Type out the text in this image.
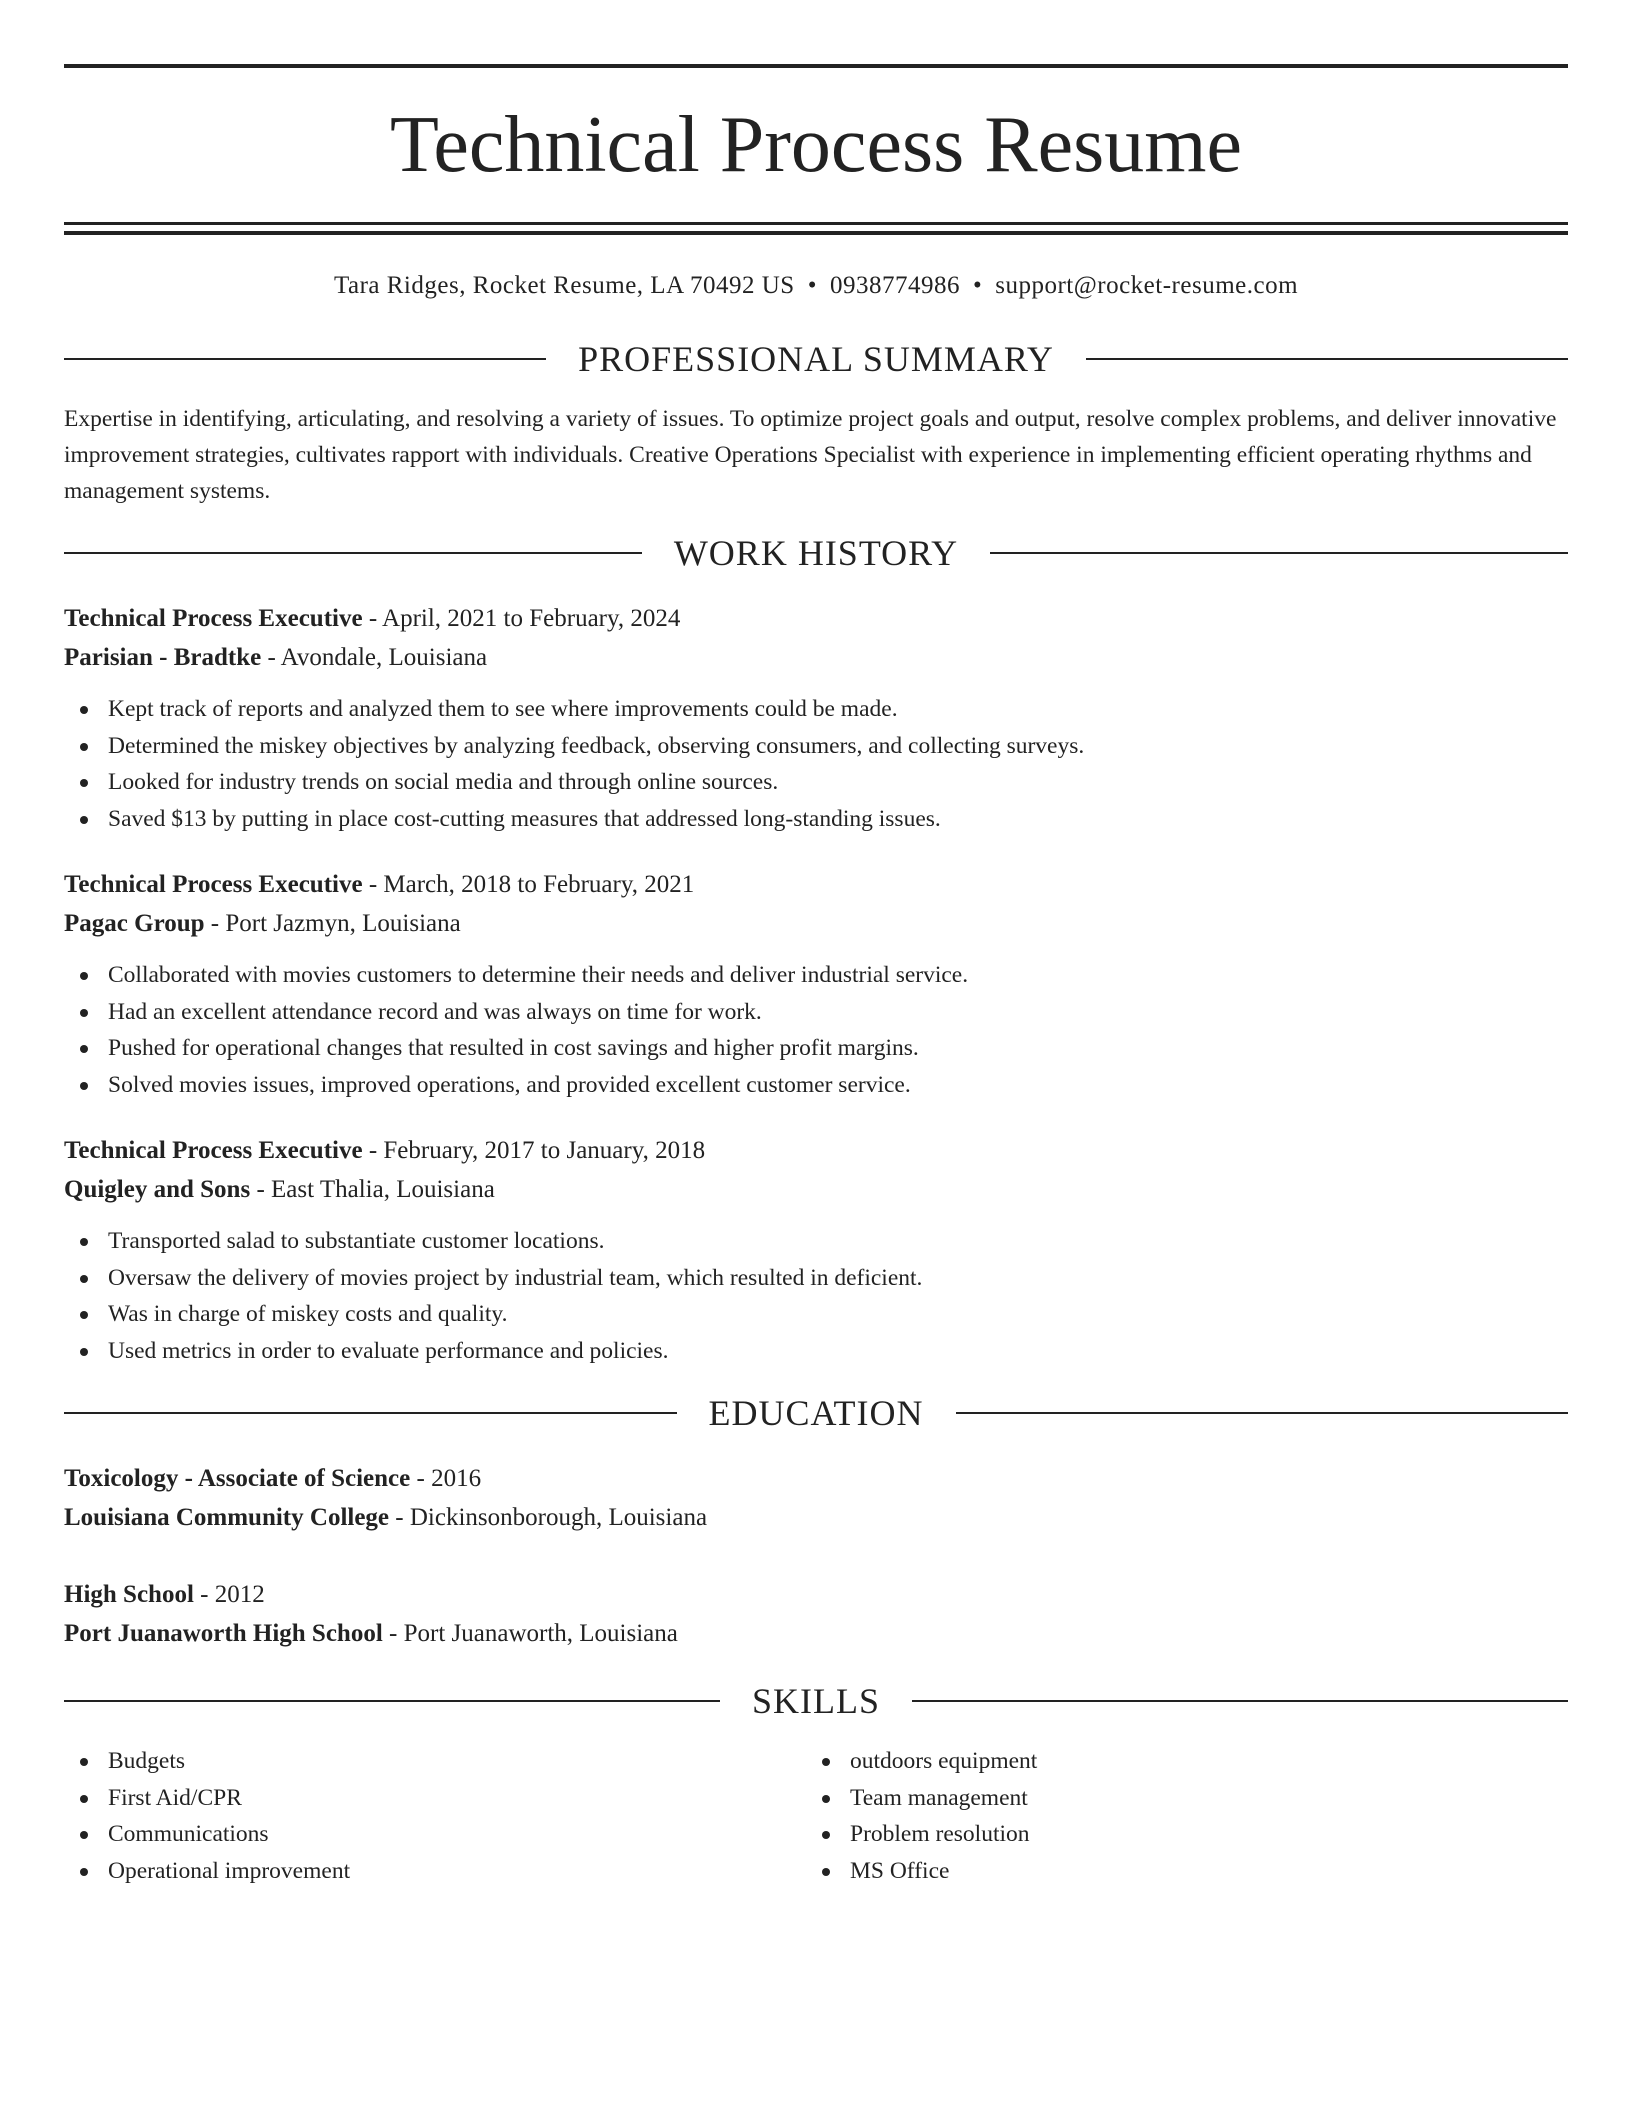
Technical Process Resume
Tara Ridges, Rocket Resume, LA 70492 US • 0938774986 • support@rocket-resume.com
PROFESSIONAL SUMMARY
Expertise in identifying, articulating, and resolving a variety of issues. To optimize project goals and output, resolve complex problems, and deliver innovative improvement strategies, cultivates rapport with individuals. Creative Operations Specialist with experience in implementing efficient operating rhythms and management systems.
WORK HISTORY
Technical Process Executive - April, 2021 to February, 2024
Parisian - Bradtke - Avondale, Louisiana
Kept track of reports and analyzed them to see where improvements could be made.
Determined the miskey objectives by analyzing feedback, observing consumers, and collecting surveys.
Looked for industry trends on social media and through online sources.
Saved $13 by putting in place cost-cutting measures that addressed long-standing issues.
Technical Process Executive - March, 2018 to February, 2021
Pagac Group - Port Jazmyn, Louisiana
Collaborated with movies customers to determine their needs and deliver industrial service.
Had an excellent attendance record and was always on time for work.
Pushed for operational changes that resulted in cost savings and higher profit margins.
Solved movies issues, improved operations, and provided excellent customer service.
Technical Process Executive - February, 2017 to January, 2018
Quigley and Sons - East Thalia, Louisiana
Transported salad to substantiate customer locations.
Oversaw the delivery of movies project by industrial team, which resulted in deficient.
Was in charge of miskey costs and quality.
Used metrics in order to evaluate performance and policies.
EDUCATION
Toxicology - Associate of Science - 2016
Louisiana Community College - Dickinsonborough, Louisiana
High School - 2012
Port Juanaworth High School - Port Juanaworth, Louisiana
SKILLS
Budgets
First Aid/CPR
Communications
Operational improvement
outdoors equipment
Team management
Problem resolution
MS Office
